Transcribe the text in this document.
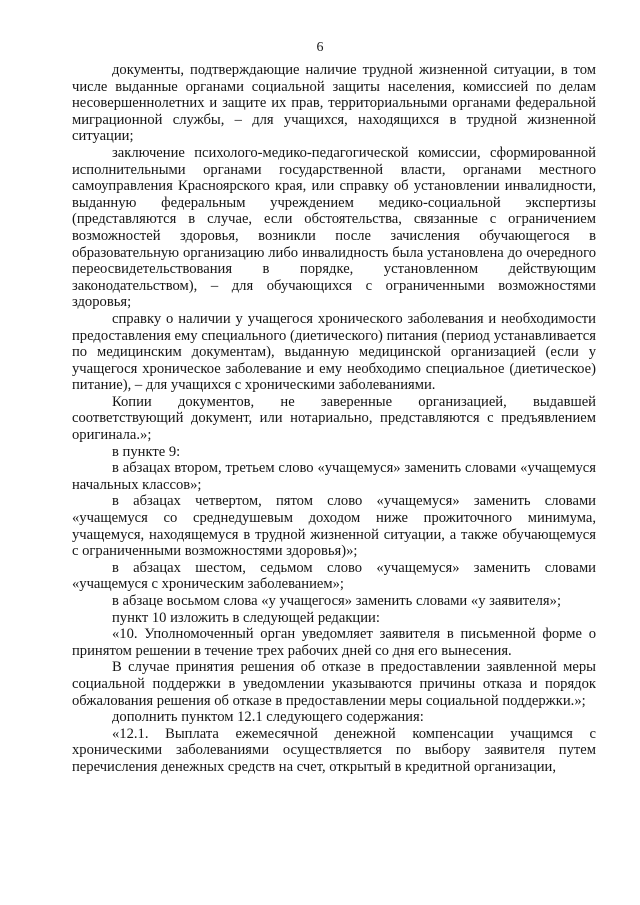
6

документы, подтверждающие наличие трудной жизненной ситуации, в том числе выданные органами социальной защиты населения, комиссией по делам несовершеннолетних и защите их прав, территориальными органами федеральной миграционной службы, – для учащихся, находящихся в трудной жизненной ситуации;

заключение психолого-медико-педагогической комиссии, сформированной исполнительными органами государственной власти, органами местного самоуправления Красноярского края, или справку об установлении инвалидности, выданную федеральным учреждением медико-социальной экспертизы (представляются в случае, если обстоятельства, связанные с ограничением возможностей здоровья, возникли после зачисления обучающегося в образовательную организацию либо инвалидность была установлена до очередного переосвидетельствования в порядке, установленном действующим законодательством), – для обучающихся с ограниченными возможностями здоровья;

справку о наличии у учащегося хронического заболевания и необходимости предоставления ему специального (диетического) питания (период устанавливается по медицинским документам), выданную медицинской организацией (если у учащегося хроническое заболевание и ему необходимо специальное (диетическое) питание), – для учащихся с хроническими заболеваниями.

Копии документов, не заверенные организацией, выдавшей соответствующий документ, или нотариально, представляются с предъявлением оригинала.»;

в пункте 9:

в абзацах втором, третьем слово «учащемуся» заменить словами «учащемуся начальных классов»;

в абзацах четвертом, пятом слово «учащемуся» заменить словами «учащемуся со среднедушевым доходом ниже прожиточного минимума, учащемуся, находящемуся в трудной жизненной ситуации, а также обучающемуся с ограниченными возможностями здоровья)»;

в абзацах шестом, седьмом слово «учащемуся» заменить словами «учащемуся с хроническим заболеванием»;

в абзаце восьмом слова «у учащегося» заменить словами «у заявителя»;

пункт 10 изложить в следующей редакции:

«10. Уполномоченный орган уведомляет заявителя в письменной форме о принятом решении в течение трех рабочих дней со дня его вынесения.

В случае принятия решения об отказе в предоставлении заявленной меры социальной поддержки в уведомлении указываются причины отказа и порядок обжалования решения об отказе в предоставлении меры социальной поддержки.»;

дополнить пунктом 12.1 следующего содержания:

«12.1. Выплата ежемесячной денежной компенсации учащимся с хроническими заболеваниями осуществляется по выбору заявителя путем перечисления денежных средств на счет, открытый в кредитной организации,
